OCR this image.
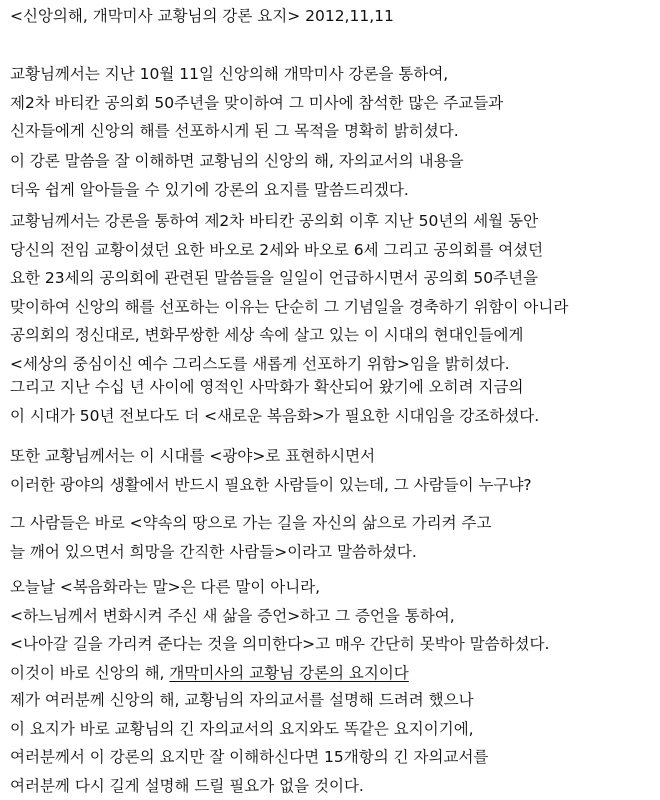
<신앙의해, 개막미사 교황님의 강론 요지> 2012,11,11
교황님께서는 지난 10월 11일 신앙의해 개막미사 강론을 통하여,
제2차 바티칸 공의회 50주년을 맞이하여 그 미사에 참석한 많은 주교들과
신자들에게 신앙의 해를 선포하시게 된 그 목적을 명확히 밝히셨다.
이 강론 말씀을 잘 이해하면 교황님의 신앙의 해, 자의교서의 내용을
더욱 쉽게 알아들을 수 있기에 강론의 요지를 말씀드리겠다.
교황님께서는 강론을 통하여 제2차 바티칸 공의회 이후 지난 50년의 세월 동안
당신의 전임 교황이셨던 요한 바오로 2세와 바오로 6세 그리고 공의회를 여셨던
요한 23세의 공의회에 관련된 말씀들을 일일이 언급하시면서 공의회 50주년을
맞이하여 신앙의 해를 선포하는 이유는 단순히 그 기념일을 경축하기 위함이 아니라
공의회의 정신대로, 변화무쌍한 세상 속에 살고 있는 이 시대의 현대인들에게
<세상의 중심이신 예수 그리스도를 새롭게 선포하기 위함>임을 밝히셨다.
그리고 지난 수십 년 사이에 영적인 사막화가 확산되어 왔기에 오히려 지금의
이 시대가 50년 전보다도 더 <새로운 복음화>가 필요한 시대임을 강조하셨다.
또한 교황님께서는 이 시대를 <광야>로 표현하시면서
이러한 광야의 생활에서 반드시 필요한 사람들이 있는데, 그 사람들이 누구냐?
그 사람들은 바로 <약속의 땅으로 가는 길을 자신의 삶으로 가리켜 주고
늘 깨어 있으면서 희망을 간직한 사람들>이라고 말씀하셨다.
오늘날 <복음화라는 말>은 다른 말이 아니라,
<하느님께서 변화시켜 주신 새 삶을 증언>하고 그 증언을 통하여,
<나아갈 길을 가리켜 준다는 것을 의미한다>고 매우 간단히 못박아 말씀하셨다.
이것이 바로 신앙의 해, 개막미사의 교황님 강론의 요지이다
제가 여러분께 신앙의 해, 교황님의 자의교서를 설명해 드려려 했으나
이 요지가 바로 교황님의 긴 자의교서의 요지와도 똑같은 요지이기에,
여러분께서 이 강론의 요지만 잘 이해하신다면 15개항의 긴 자의교서를
여러분께 다시 길게 설명해 드릴 필요가 없을 것이다.
